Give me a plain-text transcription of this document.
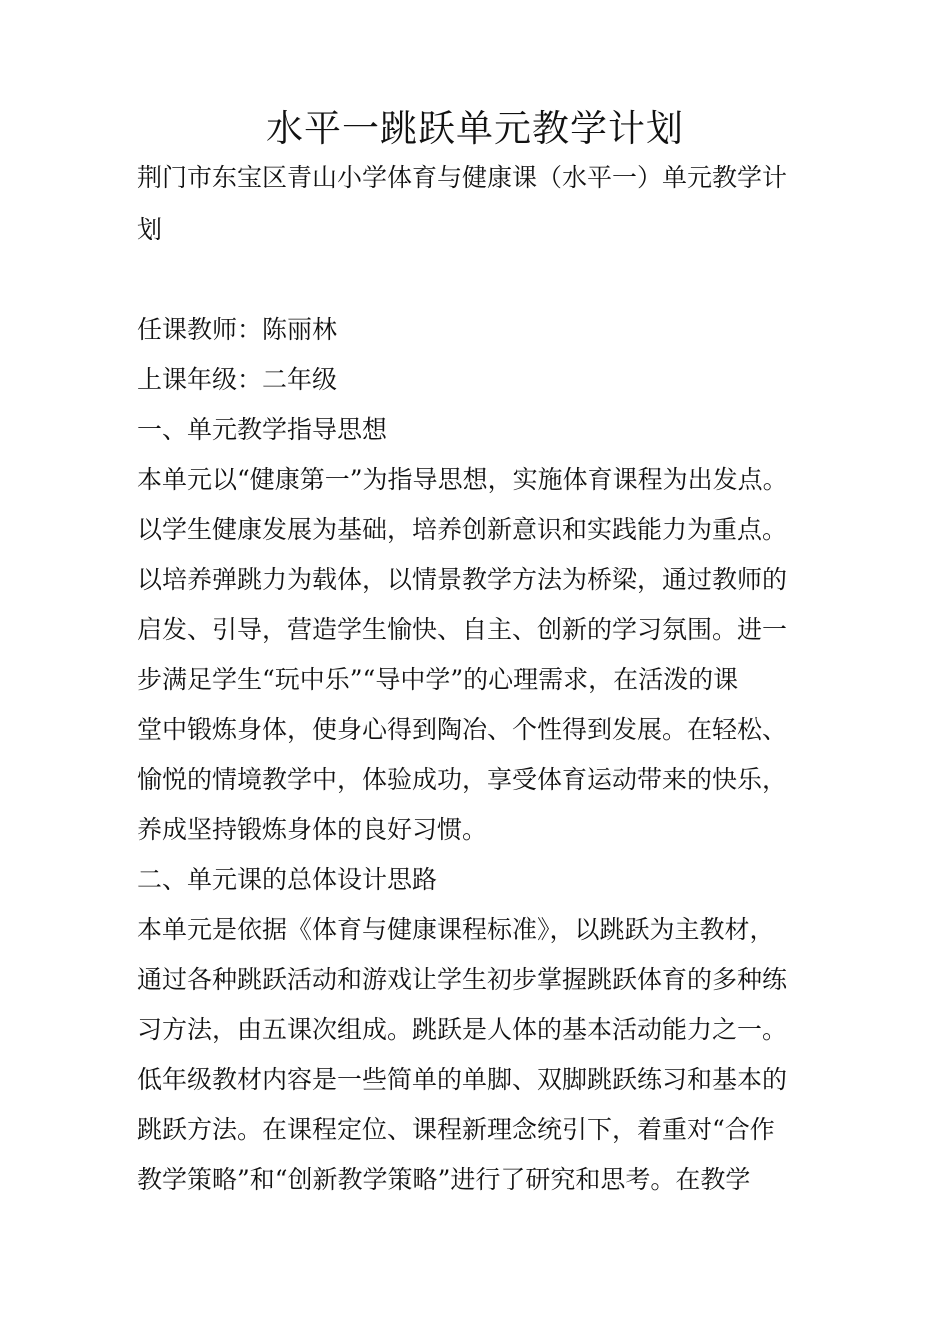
水平一跳跃单元教学计划
荆门市东宝区青山小学体育与健康课（水平一）单元教学计
划
任课教师：陈丽林
上课年级：二年级
一、单元教学指导思想
本单元以“健康第一”为指导思想，实施体育课程为出发点。
以学生健康发展为基础，培养创新意识和实践能力为重点。
以培养弹跳力为载体，以情景教学方法为桥梁，通过教师的
启发、引导，营造学生愉快、自主、创新的学习氛围。进一
步满足学生“玩中乐”“导中学”的心理需求，在活泼的课
堂中锻炼身体，使身心得到陶冶、个性得到发展。在轻松、
愉悦的情境教学中，体验成功，享受体育运动带来的快乐，
养成坚持锻炼身体的良好习惯。
二、单元课的总体设计思路
本单元是依据《体育与健康课程标准》，以跳跃为主教材，
通过各种跳跃活动和游戏让学生初步掌握跳跃体育的多种练
习方法，由五课次组成。跳跃是人体的基本活动能力之一。
低年级教材内容是一些简单的单脚、双脚跳跃练习和基本的
跳跃方法。在课程定位、课程新理念统引下，着重对“合作
教学策略”和“创新教学策略”进行了研究和思考。在教学
